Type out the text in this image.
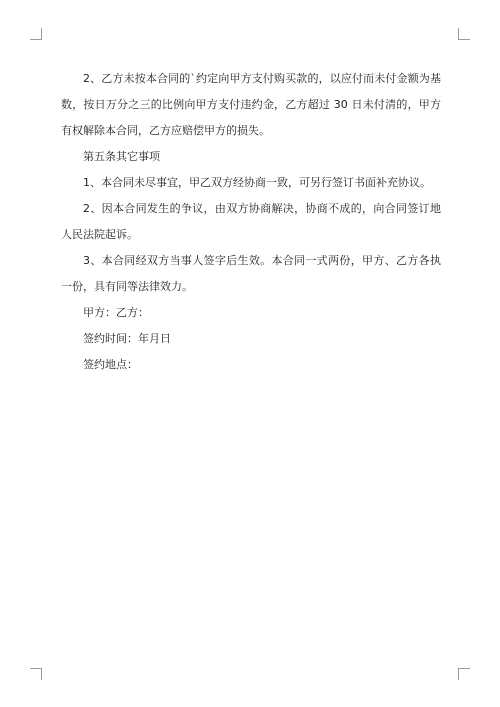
2、乙方未按本合同的`约定向甲方支付购买款的，以应付而未付金额为基数，按日万分之三的比例向甲方支付违约金，乙方超过 30 日未付清的，甲方有权解除本合同，乙方应赔偿甲方的损失。

第五条其它事项

1、本合同未尽事宜，甲乙双方经协商一致，可另行签订书面补充协议。

2、因本合同发生的争议，由双方协商解决，协商不成的，向合同签订地人民法院起诉。

3、本合同经双方当事人签字后生效。本合同一式两份，甲方、乙方各执一份，具有同等法律效力。

甲方：乙方：

签约时间：年月日

签约地点：
